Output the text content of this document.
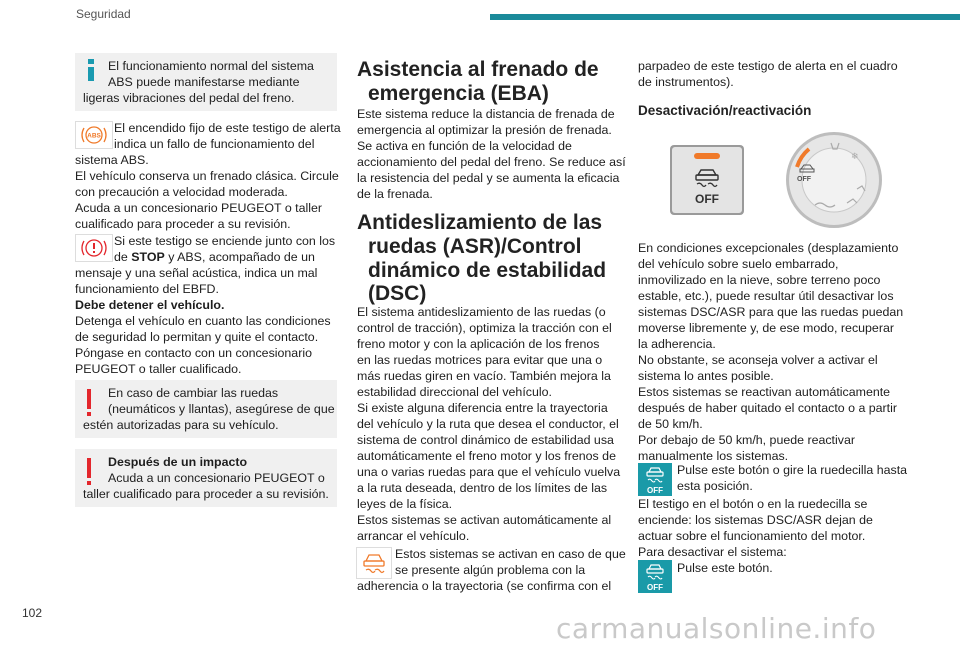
Seguridad
El funcionamiento normal del sistema
ABS puede manifestarse mediante
ligeras vibraciones del pedal del freno.
ABS
El encendido fijo de este testigo de alerta
indica un fallo de funcionamiento del
sistema ABS.
El vehículo conserva un frenado clásica. Circule
con precaución a velocidad moderada.
Acuda a un concesionario PEUGEOT o taller
cualificado para proceder a su revisión.
Si este testigo se enciende junto con los
de STOP y ABS, acompañado de un
mensaje y una señal acústica, indica un mal
funcionamiento del EBFD.
Debe detener el vehículo.
Detenga el vehículo en cuanto las condiciones
de seguridad lo permitan y quite el contacto.
Póngase en contacto con un concesionario
PEUGEOT o taller cualificado.
En caso de cambiar las ruedas
(neumáticos y llantas), asegúrese de que
estén autorizadas para su vehículo.
Después de un impacto
Acuda a un concesionario PEUGEOT o
taller cualificado para proceder a su revisión.
Asistencia al frenado de
emergencia (EBA)
Este sistema reduce la distancia de frenada de
emergencia al optimizar la presión de frenada.
Se activa en función de la velocidad de
accionamiento del pedal del freno. Se reduce así
la resistencia del pedal y se aumenta la eficacia
de la frenada.
Antideslizamiento de las
ruedas (ASR)/Control
dinámico de estabilidad
(DSC)
El sistema antideslizamiento de las ruedas (o
control de tracción), optimiza la tracción con el
freno motor y con la aplicación de los frenos
en las ruedas motrices para evitar que una o
más ruedas giren en vacío. También mejora la
estabilidad direccional del vehículo.
Si existe alguna diferencia entre la trayectoria
del vehículo y la ruta que desea el conductor, el
sistema de control dinámico de estabilidad usa
automáticamente el freno motor y los frenos de
una o varias ruedas para que el vehículo vuelva
a la ruta deseada, dentro de los límites de las
leyes de la física.
Estos sistemas se activan automáticamente al
arrancar el vehículo.
Estos sistemas se activan en caso de que
se presente algún problema con la
adherencia o la trayectoria (se confirma con el
parpadeo de este testigo de alerta en el cuadro
de instrumentos).
Desactivación/reactivación
OFF
❄
OFF
En condiciones excepcionales (desplazamiento
del vehículo sobre suelo embarrado,
inmovilizado en la nieve, sobre terreno poco
estable, etc.), puede resultar útil desactivar los
sistemas DSC/ASR para que las ruedas puedan
moverse libremente y, de ese modo, recuperar
la adherencia.
No obstante, se aconseja volver a activar el
sistema lo antes posible.
Estos sistemas se reactivan automáticamente
después de haber quitado el contacto o a partir
de 50 km/h.
Por debajo de 50 km/h, puede reactivar
manualmente los sistemas.
OFF
Pulse este botón o gire la ruedecilla hasta
esta posición.
El testigo en el botón o en la ruedecilla se
enciende: los sistemas DSC/ASR dejan de
actuar sobre el funcionamiento del motor.
Para desactivar el sistema:
OFF
Pulse este botón.
102	carmanualsonline.info
